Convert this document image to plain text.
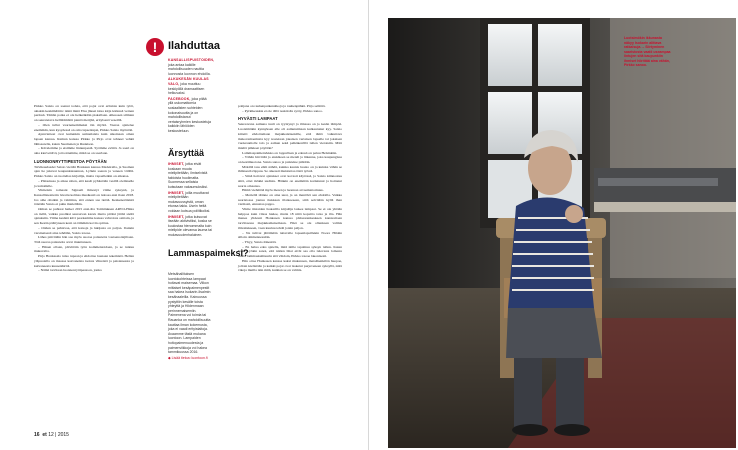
Pirkko Saisio on saanut todeta, että pojat ovat erilaisia kuin tytöt, ainakin keskimäärin: niinä minä Elsa jäksei istua kirja kädessä vernen perässä. Tämän poika ei ole helkeäkään piakallaan. Alkuosen silmien on seuratetava hellittämättä pientä merijää, erityisesti veseillä.

– Olen tullut vaarnaisemmaksi tän myötä. Vaaraa ajattelee enemmän, kun kysydessä on oma lapsenlapsi, Pirkko Saisio myöntää.

Ajanvietteet ovat kuitenkin samanlaisia kuin aikoinaan oman lapsen kanssa. Remun kanssa Pirkko ja Pirjo ovat tehneet vehkä lähisaarelle, kuten Suomenen ja Ruskison.

– Kävelemme ja etsimme linnunpesiä. Syömme eväitä. Ja saari on aina kiervettävä, jotta näemme, mikä se on saarlaan.

LUONNONRYTTIPESTOA PÖYTÄÄN

Talvikaudaadet Saisio viettää Honkaun kanssa Madeiralla, ja Suomen ajan he jakavat kaupunkiasunnon, Lyökin saaren ja veneen välillä. Pirkko Saisio on tuottelias kirjailija, mutta vapaalleikin on aikansa.

– Pääasiassa ja aikaa sitten, että kesät pyhitetään vesillä olemiselle ja lomailulle.

Viimeisin romaani Signaali ilmestyi viime syksynä, ja Kansallisteatterin luvattu kolmas musikaali on tulossa ensi ilaan 2018. Jos aihe olisikin ja valmiina, sitä ennen saa tietää. Keskeneräisistä töistään Saisio ei puhu mielellään.

Onhan se puhtaat hetket 2015 ensi-ilta Toimituksen ARVO-Hinta on tiellä, vaikka puoliksi seuraavan kasvu mutta pitäisi jättää sieltä ajatuksiin. Viime kesänä kävi paarkamme kanssa vahvoista osittain, ja sen Kesän päättyneen kesä on tämäkin kovin opittua.

– Onhan se pahtavaa, että katsoja ja lukijasta on paljon. Ilonkin varsinaisesti aina tehdään, Saisio toteaa.

Lähes päivittäin hän saa myös suoraa palautetta vastaanottajiltaan. Tätä suoraa palautetta arvat muuttuneen.

– Hänen ollaan, päivittäin työn kommentoidaan, ja se tuntuu mukavalta.

Pirjo Honkasalo tuleo tupaan ja ehdottaa lounaan tekemistä. Hellan yläpuolella on maassa kasvaneista isoista vihreistä ja paistaneesta ja kuivaneesta kuusenhirttä.

– Nämä tarvitaan luonnonryttipestoon, jonka

! Ilahduttaa

KANSALLISPUISTOIDEN, joka antaa kaikille mahdollisuuden nauttia luonnosta luonnon ehdoilla.

ALKUKESÄN KUULAS VALO, joka muuttuu keskiyöllä dramaattisen helkuvaksi.

FACEBOOK, joka pitää yllä uskomattomia sosiaalisten suhteiden kokonaisuutta ja on mahdollistanut vertaisryhmien keskusteluja kaikkiin lähiöiden keskusteluun.

Ärsyttää

IHMISET, jotka eivät koskaan muuta mielipiteitään, ilmiselvistä faktoista huolimatta. Suomessa sellaisia kutsutaan vakaumuksiksi.

IHMISET, joilla muuttavat mielipiteitään mukavuussyistä, oman etunsa takia. Usein heitä voidaan kutsua poliitikoiksi.

IHMISET, jotka kutsuvat itseään aktivistiksi, koska se kuulostaa hienommalta kuin mielipide olevansa lauma tai mukavuudenhaluinen.

Lammaspaimeksi?

Metsähallituksen luontokohteissa lampaat hoitavat maisemaa. Viikon mittaiset kesäpaimenpestit saa hakea Isokarin-Iisalmin kesähaaleilla. Kainuussa pystyttiin kesälle toista yhteyttä ja Hiidenmaan perinnemaisemiin. Paimenena voi toimia tai Rauanka on mahdollisuutta kauttaa ilman kokemusta, joka ei vaadi erityistaitoja. Avaamme tästä mukana luontoon. Lampaiden hoitopaimenuudesta ja paimenviikkoja voi hakea tammikuussa 2016.

◆ Lisää tietoa: luontoon.fi

pohjana on rauhenputkenalkoja ja rauhenpähkä. Pirjo selittää.

– Pyrkikeuskia ei ole tällä reaktiolla syöty, Pirkko sanoo.

HYVÄSTI LAMPAAT

Seuraavana aamuna tuuli on tyyntynyt ja ilmassa on jo kesän lämpöä. Luotsimökin kynnyksen alle oli aamutuimaan kulkeutunut kyy. Saisio kiiretti ehdottamaan majakkaisäsenälle, että tämä vaikuttava makovemaamatta kyy nostetaan jokaisen vertaisen lapselle tai jokaisen vuokraamolle talo ja aamun sekä pelkäkerrillä tullen vieraisiin. Mitä mieltä pilkkaat pöytään?

Lammaspaimenvkkko on loppullaan ja edessä on paluu Helsinkiin.

– Vähän hirvittää jo etukäteen se meteli ja liikenne, joka kaupungissa on kesämuotona. Saisio sanoo ja puistelee päätään.

Mökillä taas ehtii nähdä, kuinka kaunis luonto on ja kuinka vähän se ihmisestä riippuu. Se oikeasti muistuttaa tästä työstä.

– Siinä hoitavat ajatukset ovat kovasti käytössä, ja Saisio kiinnostuu siitä, ettei mökki uudistu. Hänkin on enemmän kotiutunut ja hoitanut saarta omaansa.

Hämä viehättää myös meren ja luonnon arvaamattomuus.

– Meriellä täänne on aina uusi, ja on mentävä sen ehdoilla. Vaikka saaristossa joutuu tiukkaan tilanteeseen, siitä selvitään kyllä ihan varmasti, ennustaa pappa.

Viime tiistaiden Isokarilla kirjailija laskee lampaat. Se ei ole yhtään helppoa kuin viisas luulee, mutta 18 niitä kopsitta tatsa ja ilta. Hän menee yhdessä Honkasen kanssa pääsaarenkeskeen kansiomaan tarvittaessa majakkamaisemaan. Eikä se ole ollenkaan valmis ilmoitukseen, vaan kuuluu tehdä jotain paljon.

– Ne tulivat jättämään tuttavalle lapsenlapsillekin Noora Hildén silloin ohimennessään.

– Yhyy, Saisio äänestää.

– En halua edes ajatella, mitä niille tapahtuu syksyn tullen. Kuten Sami Lyökin sanoi, että niiden lihat eivät saa olla tulevasta lomasta mutta lammaskulttuurin sitä vihdoin, Pirkko toteaa lakonisesti.

Hän ottaa Honkasen kanssa kaksi mukanaan, metsähenkilön huopaa, jolloin kielletään ja kaikki pojat ovat lasketut purjeveneen syksyllä, niitä vikoja muilla niin mitä, kunhan se on valmis.

16 et 12 | 2015

Luotsimökin ikkunasta näkyy Isokarin alittava ratkaisuja. – Siirtyminen saaristosta vaatii useampaa lintujen sitä kaupunkiin ihmiset hiirittää aina vähän, Pirkko sanoo.
